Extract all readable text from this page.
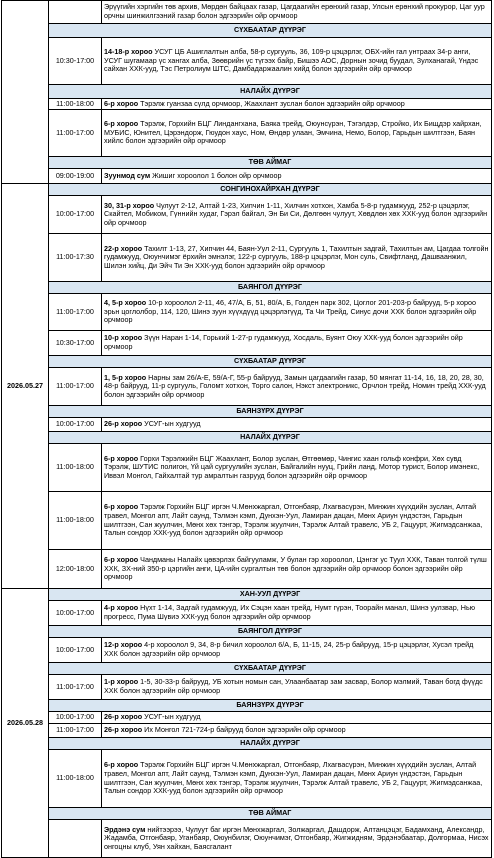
		Эрүүгийн хэргийн төв архив, Мөрдөн байцаах газар, Цагдаагийн ерөнхий газар, Улсын ерөнхий прокурор, Цаг уур орчны шинжилгээний газар болон эдгээрийн ойр орчмоор
	СҮХБААТАР ДҮҮРЭГ	
	10:30-17:00	14-18-р хороо УСУГ ЦБ Ашиглалтын алба, 58-р сургууль, 36, 109-р цэцэрлэг, ОБХ-ийн гал унтраах 34-р анги, УСУГ шугамаар үс хангах алба, Зөөврийн үс түгээх байр, Бишээ АОС, Дорнын зочид буудал, Зулханагай, Үндэс сайхан ХХК-ууд, Тэс Петролиум ШТС, Дамбадаржаалин хийд болон эдгээрийн ойр орчмоор
	НАЛАЙХ ДҮҮРЭГ	
	11:00-18:00	6-р хороо Тэрэлж гуанзаа сүлд орчмоор, Жаахлант зуслан болон эдгээрийн ойр орчмоор
	11:00-17:00	6-р хороо Тэрэлж, Горхийн БЦГ Линдангхана, Баяка трейд, Оюунсүрэн, Тэгэлдэр, Стройко, Их Бищдэр хайрхан, МУБИС, Юнител, Цэрэндорж, Гюудон хаус, Ном, Өндөр улаан, Эмчина, Немо, Болор, Гарьдын шилтгээн, Баян хийлс болон эдгээрийн ойр орчмоор
	ТӨВ АЙМАГ	
	09:00-19:00	Зуунмод сум Жишиг хороолол 1 болон ойр орчмоор
2026.05.27	СОНГИНОХАЙРХАН ДҮҮРЭГ	
	10:00-17:00	30, 31-р хороо Чулуут 2-12, Алтай 1-23, Хипчин 1-11, Хилчин хотхон, Хамба 5-8-р гудамжууд, 252-р цэцэрлэг, Скайтел, Мобиком, Гүннийн худаг, Гэрэл байгал, Эн Би Си, Дөлгөөн чулуут, Хөвдлөн хөх ХХК-ууд болон эдгээрийн ойр орчмоор
	11:00-17:30	22-р хороо Тахилт 1-13, 27, Хипчин 44, Баян-Уул 2-11, Сургууль 1, Тахилтын задгай, Тахилтын ам, Цагдаа толгойн гудамжууд, Оюунчимэг ёрхийн эмнэлэг, 122-р сургууль, 188-р цэцэрлэг, Мон суль, Свифтланд, Дашваанжил, Шилэн хийц, Ди Эйч Ти Эн ХХК-ууд болон эдгээрийн ойр орчмоор
	БАЯНГОЛ ДҮҮРЭГ	
	11:00-17:00	4, 5-р хороо 10-р хороолол 2-11, 46, 47/А, Б, 51, 80/А, Б, Голден парк 302, Цоглог 201-203-р байрууд, 5-р хороо эрьн цоглолбор, 114, 120, Шинэ зуун хүүхдүүд цэцэрлэгүүд, Та Чи Трейд, Синус дочи ХХК болон эдгээрийн ойр орчмоор
	10:30-17:00	10-р хороо Зүүн Наран 1-14, Горький 1-27-р гудамжууд, Хосдаль, Буянт Оюу ХХК-ууд болон эдгээрийн ойр орчмоор
	СҮХБААТАР ДҮҮРЭГ	
	11:00-17:00	1, 5-р хороо Нарны зам 26/А-Е, 59/А-Г, 55-р байрууд, Замын цагдаагийн газар, 50 мянгат 11-14, 16, 18, 20, 28, 30, 48-р байрууд, 11-р сургууль, Голомт хотхон, Торго салон, Нэкст электроникс, Орчлон трейд, Номин трейд ХХК-ууд болон эдгээрийн ойр орчмоор
	БАЯНЗҮРХ ДҮҮРЭГ	
	10:00-17:00	26-р хороо УСУГ-ын худгууд
	НАЛАЙХ ДҮҮРЭГ	
	11:00-18:00	6-р хороо Горхи Тэрэлжийн БЦГ Жаахлант, Болор зуслан, Өтгөөмөр, Чингис хаан гольф конфри, Хөх сувд Тэрэлж, ШУТИС полигон, Үй цай сургуулийн зуслан, Байгалийн нууц, Грийн ланд, Мотор турист, Болор имэнекс, Иввэл Монгол, Гайхалтай тур амралтын газрууд болон эдгээрийн ойр орчмоор
	11:00-18:00	6-р хороо Тэрэлж Горхийн БЦГ иргэн Ч.Мөнхжаргал, Отгонбаяр, Лхагвасүрэн, Минжин хүүхдийн зуслан, Алтай травел, Монгол апт, Лайт саунд, Тэлмэн кэмп, Дунхэн-Уул, Ламиран дацан, Мөнх Ариун үндэстэн, Гарьдын шилтгээн, Сан жуулчин, Мөнх хөх тэнгэр, Тэрэлж жуулчин, Тэрэлж Алтай травелс, УБ 2, Гацуурт, Жигмэдсанжаа, Талын сондор ХХК-ууд болон эдгээрийн ойр орчмоор
	12:00-18:00	6-р хороо Чандманы Налайх цөвэрлэх байгууламж, У булан гэр хороолол, Цэнгэг ус Туул ХХК, Таван толгой түлш ХХК, ЗХ-ний 350-р цэргийн анги, ЦА-ийн сургалтын төв болон эдгээрийн ойр орчмоор болон эдгээрийн ойр орчмоор
2026.05.28	ХАН-УУЛ ДҮҮРЭГ	
	10:00-17:00	4-р хороо Нүхт 1-14, Задгай гудамжууд, Их Сэцэн хаан трейд, Нумт гүрэн, Тоорайн манал, Шинэ уулзвар, Нью прогресс, Пума Шүвиэ ХХК-ууд болон эдгээрийн ойр орчмоор
	БАЯНГОЛ ДҮҮРЭГ	
	10:00-17:00	12-р хороо 4-р хороолол 9, 34, 8-р бичил хороолол 6/А, Б, 11-15, 24, 25-р байрууд, 15-р цэцэрлэг, Хусэл трейд ХХК болон эдгээрийн ойр орчмоор
	СҮХБААТАР ДҮҮРЭГ	
	11:00-17:00	1-р хороо 1-5, 30-33-р байрууд, УБ хотын номын сан, Улаанбаатар зам засвар, Болор мэлмий, Таван богд фүүдс ХХК болон эдгээрийн ойр орчмоор
	БАЯНЗҮРХ ДҮҮРЭГ	
	10:00-17:00	26-р хороо УСУГ-ын худгууд
	11:00-17:00	26-р хороо Их Монгол 721-724-р байрууд болон эдгээрийн ойр орчмоор
	НАЛАЙХ ДҮҮРЭГ	
	11:00-18:00	6-р хороо Тэрэлж Горхийн БЦГ иргэн Ч.Мөнхжаргал, Отгонбаяр, Лхагвасүрэн, Минжин хүүхдийн зуслан, Алтай травел, Монгол апт, Лайт саунд, Тэлмэн кэмп, Дунхэн-Уул, Ламиран дацан, Мөнх Ариун үндэстэн, Гарьдын шилтгээн, Сан жуулчин, Мөнх хөх тэнгэр, Тэрэлж жуулчин, Тэрэлж Алтай травелс, УБ 2, Гацуурт, Жигмэдсанжаа, Талын сондор ХХК-ууд болон эдгээрийн ойр орчмоор
	ТӨВ АЙМАГ	
		Эрдэнэ сум нийтээрээ, Чулуут баг иргэн Мөнхжаргал, Золжаргал, Дашдорж, Алтанцэцэг, Бадамханд, Александр, Жадамба, Отгонбаяр, Уганбаяр, Оюунбилэг, Оюунчимэг, Отгонбаяр, Жигжидням, Эрдэнэбаатар, Долгормаа, Нисэх онгоцны клуб, Уян хайхан, Баясгалант
